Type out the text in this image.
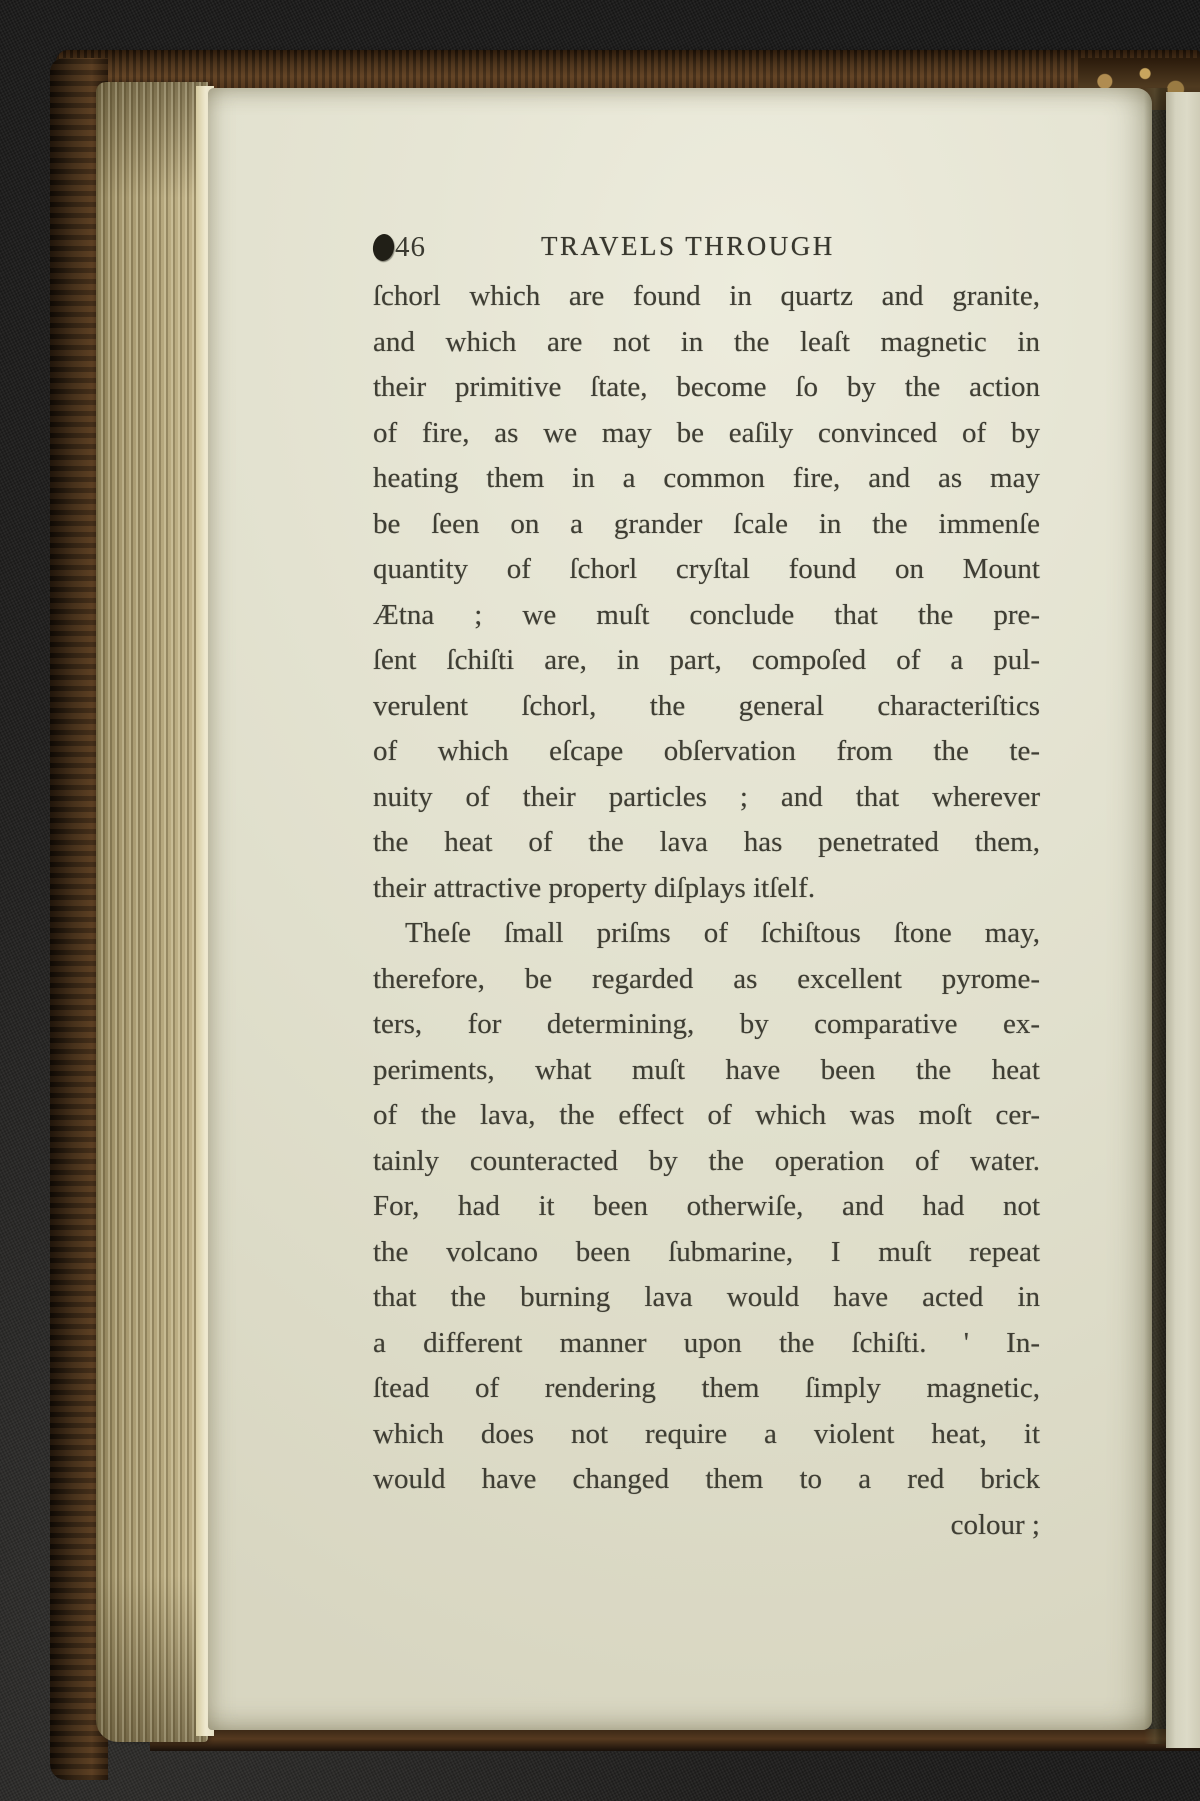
46	TRAVELS THROUGH
ſchorl which are found in quartz and granite,
and which are not in the leaſt magnetic in
their primitive ſtate, become ſo by the action
of fire, as we may be eaſily convinced of by
heating them in a common fire, and as may
be ſeen on a grander ſcale in the immenſe
quantity of ſchorl cryſtal found on Mount
Ætna ; we muſt conclude that the pre-
ſent ſchiſti are, in part, compoſed of a pul-
verulent ſchorl, the general characteriſtics
of which eſcape obſervation from the te-
nuity of their particles ; and that wherever
the heat of the lava has penetrated them,
their attractive property diſplays itſelf.
Theſe ſmall priſms of ſchiſtous ſtone may,
therefore, be regarded as excellent pyrome-
ters, for determining, by comparative ex-
periments, what muſt have been the heat
of the lava, the effect of which was moſt cer-
tainly counteracted by the operation of water.
For, had it been otherwiſe, and had not
the volcano been ſubmarine, I muſt repeat
that the burning lava would have acted in
a different manner upon the ſchiſti. ' In-
ſtead of rendering them ſimply magnetic,
which does not require a violent heat, it
would have changed them to a red brick
colour ;
